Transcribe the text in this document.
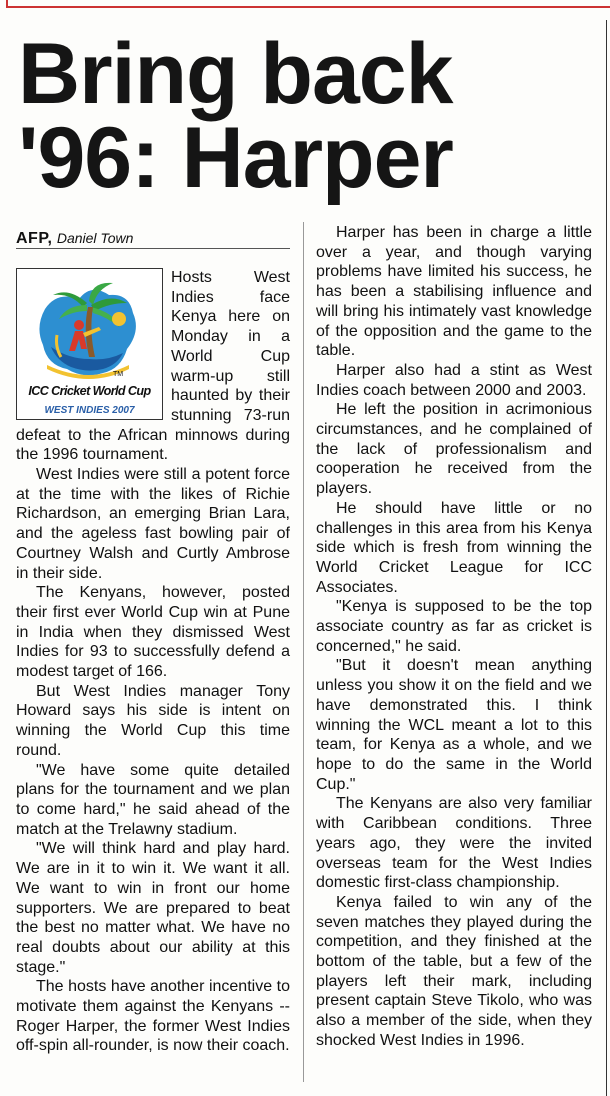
Bring back '96: Harper
AFP, Daniel Town
TM
ICC Cricket World Cup
WEST INDIES 2007

Hosts West Indies face Kenya here on Monday in a World Cup warm-up still haunted by their stunning 73-run defeat to the African minnows during the 1996 tournament.

West Indies were still a potent force at the time with the likes of Richie Richardson, an emerging Brian Lara, and the ageless fast bowling pair of Courtney Walsh and Curtly Ambrose in their side.

The Kenyans, however, posted their first ever World Cup win at Pune in India when they dismissed West Indies for 93 to successfully defend a modest target of 166.

But West Indies manager Tony Howard says his side is intent on winning the World Cup this time round.

"We have some quite detailed plans for the tournament and we plan to come hard," he said ahead of the match at the Trelawny stadium.

"We will think hard and play hard. We are in it to win it. We want it all. We want to win in front our home supporters. We are prepared to beat the best no matter what. We have no real doubts about our ability at this stage."

The hosts have another incentive to motivate them against the Kenyans -- Roger Harper, the former West Indies off-spin all-rounder, is now their coach.

Harper has been in charge a little over a year, and though varying problems have limited his success, he has been a stabilising influence and will bring his intimately vast knowledge of the opposition and the game to the table.

Harper also had a stint as West Indies coach between 2000 and 2003.

He left the position in acrimonious circumstances, and he complained of the lack of professionalism and cooperation he received from the players.

He should have little or no challenges in this area from his Kenya side which is fresh from winning the World Cricket League for ICC Associates.

"Kenya is supposed to be the top associate country as far as cricket is concerned," he said.

"But it doesn't mean anything unless you show it on the field and we have demonstrated this. I think winning the WCL meant a lot to this team, for Kenya as a whole, and we hope to do the same in the World Cup."

The Kenyans are also very familiar with Caribbean conditions. Three years ago, they were the invited overseas team for the West Indies domestic first-class championship.

Kenya failed to win any of the seven matches they played during the competition, and they finished at the bottom of the table, but a few of the players left their mark, including present captain Steve Tikolo, who was also a member of the side, when they shocked West Indies in 1996.
